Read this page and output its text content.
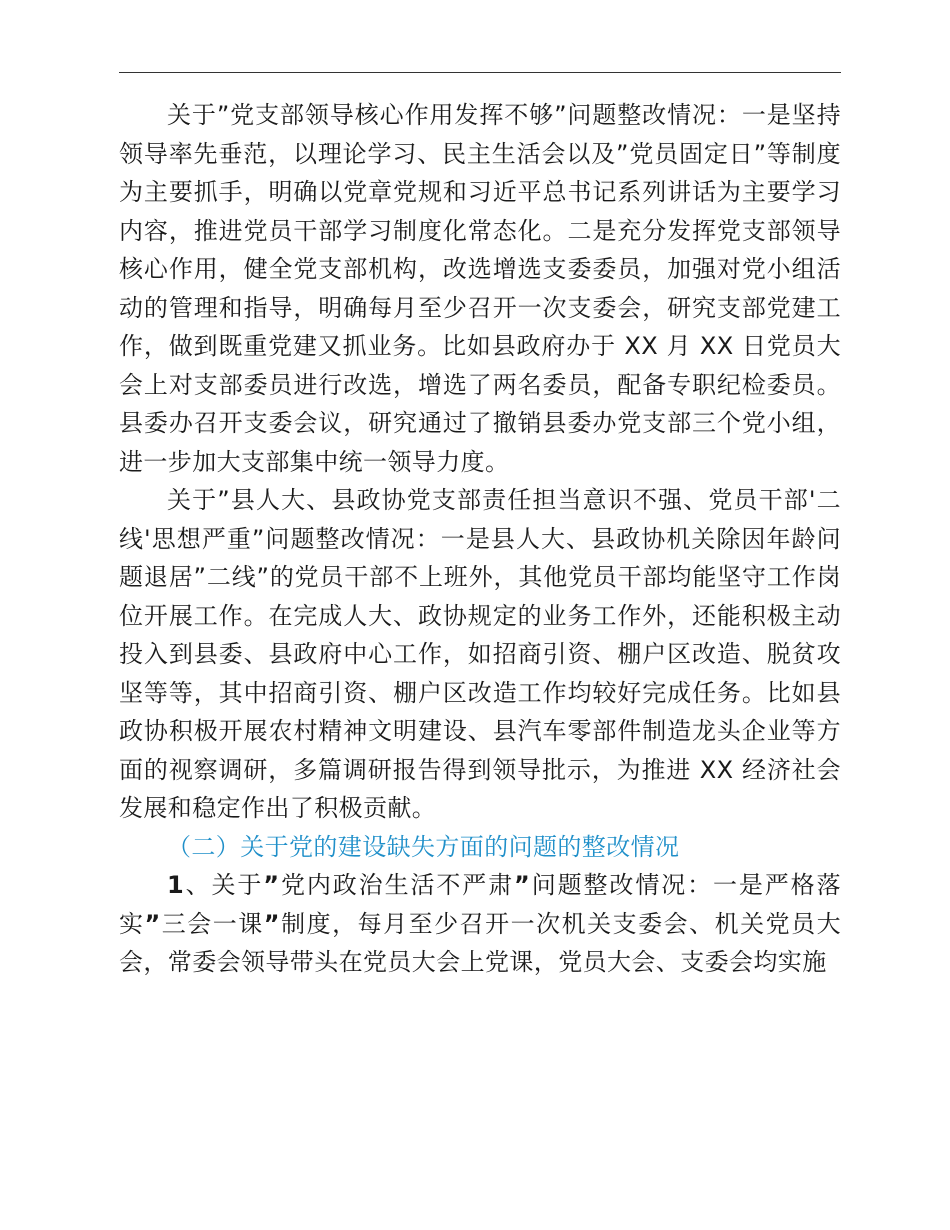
关于”党支部领导核心作用发挥不够”问题整改情况：一是坚持领导率先垂范，以理论学习、民主生活会以及”党员固定日”等制度为主要抓手，明确以党章党规和习近平总书记系列讲话为主要学习内容，推进党员干部学习制度化常态化。二是充分发挥党支部领导核心作用，健全党支部机构，改选增选支委委员，加强对党小组活动的管理和指导，明确每月至少召开一次支委会，研究支部党建工作，做到既重党建又抓业务。比如县政府办于 XX 月 XX 日党员大会上对支部委员进行改选，增选了两名委员，配备专职纪检委员。县委办召开支委会议，研究通过了撤销县委办党支部三个党小组，进一步加大支部集中统一领导力度。

关于”县人大、县政协党支部责任担当意识不强、党员干部'二线'思想严重”问题整改情况：一是县人大、县政协机关除因年龄问题退居”二线”的党员干部不上班外，其他党员干部均能坚守工作岗位开展工作。在完成人大、政协规定的业务工作外，还能积极主动投入到县委、县政府中心工作，如招商引资、棚户区改造、脱贫攻坚等等，其中招商引资、棚户区改造工作均较好完成任务。比如县政协积极开展农村精神文明建设、县汽车零部件制造龙头企业等方面的视察调研，多篇调研报告得到领导批示，为推进 XX 经济社会发展和稳定作出了积极贡献。

（二）关于党的建设缺失方面的问题的整改情况

1、关于”党内政治生活不严肃”问题整改情况：一是严格落实”三会一课”制度，每月至少召开一次机关支委会、机关党员大会，常委会领导带头在党员大会上党课，党员大会、支委会均实施
